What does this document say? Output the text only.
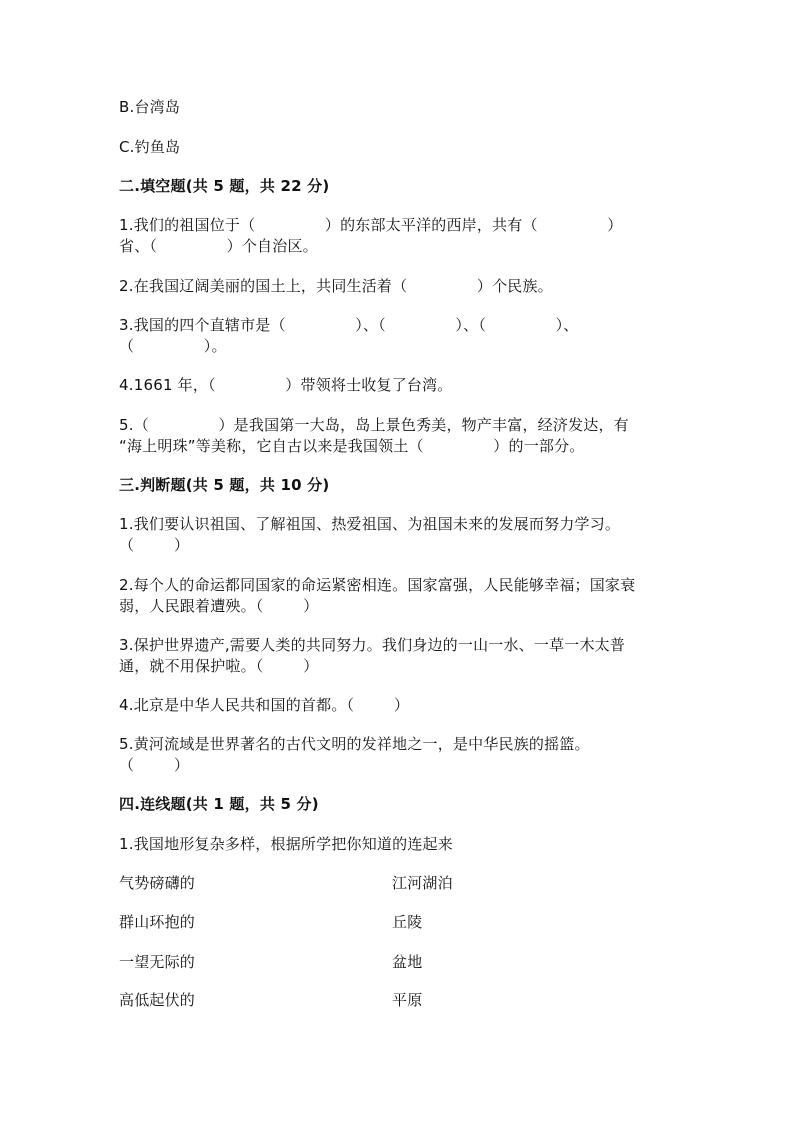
B.台湾岛
C.钓鱼岛
二.填空题(共 5 题，共 22 分)
1.我们的祖国位于（              ）的东部太平洋的西岸，共有（              ）
省、（              ）个自治区。
2.在我国辽阔美丽的国土上，共同生活着（              ）个民族。
3.我国的四个直辖市是（              ）、（              ）、（              ）、
（              ）。
4.1661 年，（              ）带领将士收复了台湾。
5.（              ）是我国第一大岛，岛上景色秀美，物产丰富，经济发达，有
“海上明珠”等美称，它自古以来是我国领土（              ）的一部分。
三.判断题(共 5 题，共 10 分)
1.我们要认识祖国、了解祖国、热爱祖国、为祖国未来的发展而努力学习。
（        ）
2.每个人的命运都同国家的命运紧密相连。国家富强，人民能够幸福；国家衰
弱，人民跟着遭殃。（        ）
3.保护世界遗产,需要人类的共同努力。我们身边的一山一水、一草一木太普
通，就不用保护啦。（        ）
4.北京是中华人民共和国的首都。（        ）
5.黄河流域是世界著名的古代文明的发祥地之一，是中华民族的摇篮。
（        ）
四.连线题(共 1 题，共 5 分)
1.我国地形复杂多样，根据所学把你知道的连起来
气势磅礴的	江河湖泊
群山环抱的	丘陵
一望无际的	盆地
高低起伏的	平原
